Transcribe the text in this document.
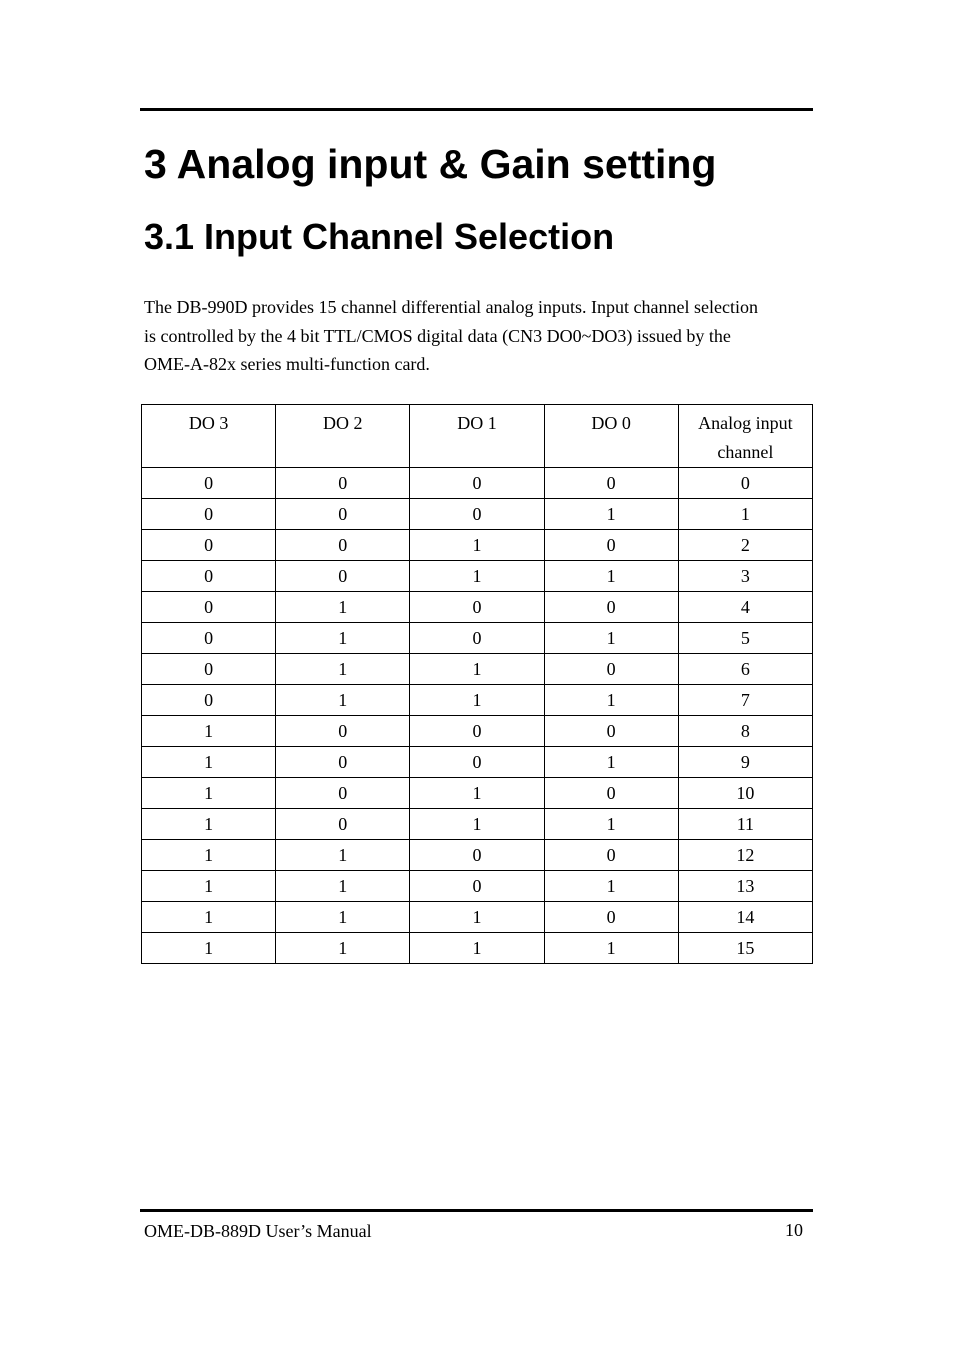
3 Analog input & Gain setting
3.1 Input Channel Selection

The DB-990D provides 15 channel differential analog inputs. Input channel selection
is controlled by the 4 bit TTL/CMOS digital data (CN3 DO0~DO3) issued by the
OME-A-82x series multi-function card.

DO 3	DO 2	DO 1	DO 0	Analog input channel
0	0	0	0	0
0	0	0	1	1
0	0	1	0	2
0	0	1	1	3
0	1	0	0	4
0	1	0	1	5
0	1	1	0	6
0	1	1	1	7
1	0	0	0	8
1	0	0	1	9
1	0	1	0	10
1	0	1	1	11
1	1	0	0	12
1	1	0	1	13
1	1	1	0	14
1	1	1	1	15
OME-DB-889D User’s Manual	10
